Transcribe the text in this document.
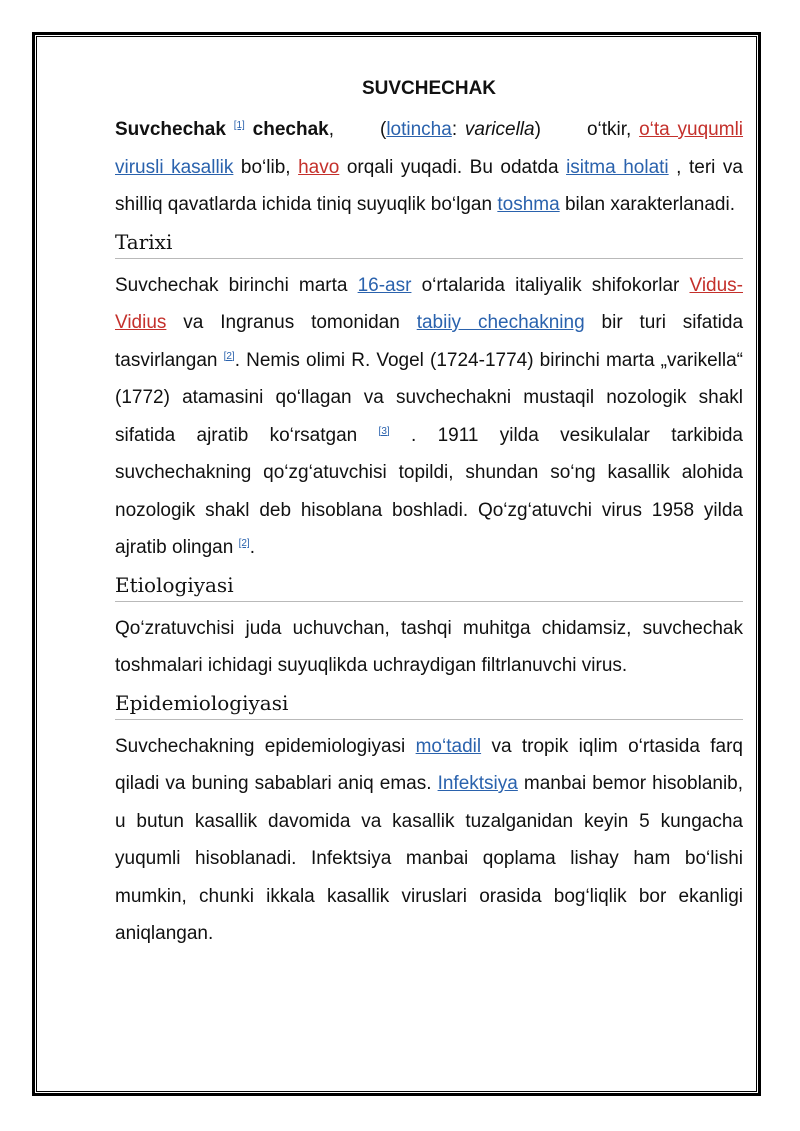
SUVCHECHAK

Suvchechak [1] chechak, (lotincha: varicella) o‘tkir, o‘ta yuqumli virusli kasallik bo‘lib, havo orqali yuqadi. Bu odatda isitma holati , teri va shilliq qavatlarda ichida tiniq suyuqlik bo‘lgan toshma bilan xarakterlanadi.

Tarixi

Suvchechak birinchi marta 16-asr o‘rtalarida italiyalik shifokorlar Vidus-Vidius va Ingranus tomonidan tabiiy chechakning bir turi sifatida tasvirlangan [2]. Nemis olimi R. Vogel (1724-1774) birinchi marta „varikella“ (1772) atamasini qo‘llagan va suvchechakni mustaqil nozologik shakl sifatida ajratib ko‘rsatgan [3] . 1911 yilda vesikulalar tarkibida suvchechakning qo‘zg‘atuvchisi topildi, shundan so‘ng kasallik alohida nozologik shakl deb hisoblana boshladi. Qo‘zg‘atuvchi virus 1958 yilda ajratib olingan [2].

Etiologiyasi

Qo‘zratuvchisi juda uchuvchan, tashqi muhitga chidamsiz, suvchechak toshmalari ichidagi suyuqlikda uchraydigan filtrlanuvchi virus.

Epidemiologiyasi

Suvchechakning epidemiologiyasi mo‘tadil va tropik iqlim o‘rtasida farq qiladi va buning sabablari aniq emas. Infektsiya manbai bemor hisoblanib, u butun kasallik davomida va kasallik tuzalganidan keyin 5 kungacha yuqumli hisoblanadi. Infektsiya manbai qoplama lishay ham bo‘lishi mumkin, chunki ikkala kasallik viruslari orasida bog‘liqlik bor ekanligi aniqlangan.
